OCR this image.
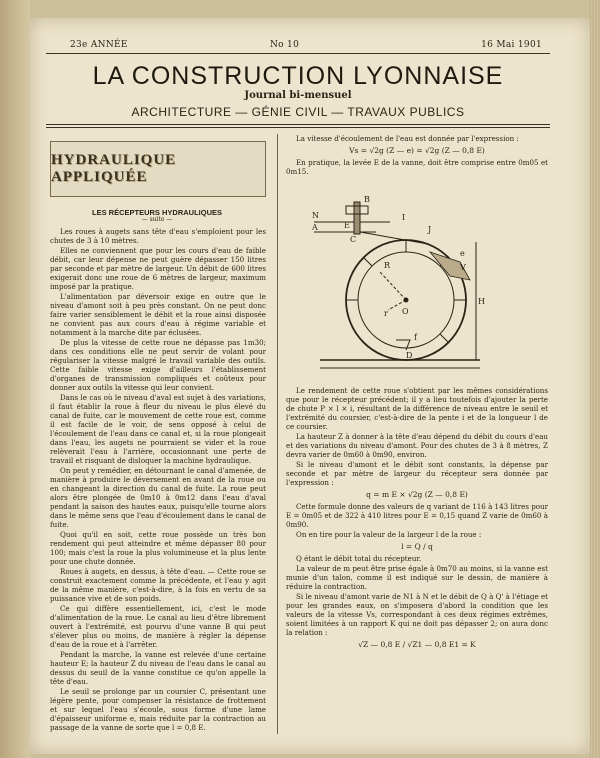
23e ANNÉE	No 10	16 Mai 1901
LA CONSTRUCTION LYONNAISE
Journal bi-mensuel
ARCHITECTURE — GÉNIE CIVIL — TRAVAUX PUBLICS
HYDRAULIQUE APPLIQUÉE
LES RÉCEPTEURS HYDRAULIQUES
— suite —

Les roues à augets sans tête d'eau s'emploient pour les chutes de 3 à 10 mètres.

Elles ne conviennent que pour les cours d'eau de faible débit, car leur dépense ne peut guère dépasser 150 litres par seconde et par mètre de largeur. Un débit de 600 litres exigerait donc une roue de 6 mètres de largeur, maximum imposé par la pratique.

L'alimentation par déversoir exige en outre que le niveau d'amont soit à peu près constant. On ne peut donc faire varier sensiblement le débit et la roue ainsi disposée ne convient pas aux cours d'eau à régime variable et notamment à la marche dite par éclusées.

De plus la vitesse de cette roue ne dépasse pas 1m30; dans ces conditions elle ne peut servir de volant pour régulariser la vitesse malgré le travail variable des outils. Cette faible vitesse exige d'ailleurs l'établissement d'organes de transmission compliqués et coûteux pour donner aux outils la vitesse qui leur convient.

Dans le cas où le niveau d'aval est sujet à des variations, il faut établir la roue à fleur du niveau le plus élevé du canal de fuite, car le mouvement de cette roue est, comme il est facile de le voir, de sens opposé à celui de l'écoulement de l'eau dans ce canal et, si la roue plongeait dans l'eau, les augets ne pourraient se vider et la roue relèverait l'eau à l'arrière, occasionnant une perte de travail et risquant de disloquer la machine hydraulique.

On peut y remédier, en détournant le canal d'amenée, de manière à produire le déversement en avant de la roue ou en changeant la direction du canal de fuite. La roue peut alors être plongée de 0m10 à 0m12 dans l'eau d'aval pendant la saison des hautes eaux, puisqu'elle tourne alors dans le même sens que l'eau d'écoulement dans le canal de fuite.

Quoi qu'il en soit, cette roue possède un très bon rendement qui peut atteindre et même dépasser 80 pour 100; mais c'est la roue la plus volumineuse et la plus lente pour une chute donnée.

Roues à augets, en dessus, à tête d'eau. — Cette roue se construit exactement comme la précédente, et l'eau y agit de la même manière, c'est-à-dire, à la fois en vertu de sa puissance vive et de son poids.

Ce qui diffère essentiellement, ici, c'est le mode d'alimentation de la roue. Le canal au lieu d'être librement ouvert à l'extrémité, est pourvu d'une vanne B qui peut s'élever plus ou moins, de manière à régler la dépense d'eau de la roue et à l'arrêter.

Pendant la marche, la vanne est relevée d'une certaine hauteur E; la hauteur Z du niveau de l'eau dans le canal au dessus du seuil de la vanne constitue ce qu'on appelle la tête d'eau.

Le seuil se prolonge par un coursier C, présentant une légère pente, pour compenser la résistance de frottement et sur lequel l'eau s'écoule, sous forme d'une lame d'épaisseur uniforme e, mais réduite par la contraction au passage de la vanne de sorte que l = 0,8 E.

La vitesse d'écoulement de l'eau est donnée par l'expression :

Vs = √2g (Z — e) = √2g (Z — 0,8 E)

En pratique, la levée E de la vanne, doit être comprise entre 0m05 et 0m15.

N
A
B
E
C
I
J
R
r O
f
e
V
H
D

Le rendement de cette roue s'obtient par les mêmes considérations que pour le récepteur précédent; il y a lieu toutefois d'ajouter la perte de chute P × l × i, résultant de la différence de niveau entre le seuil et l'extrémité du coursier, c'est-à-dire de la pente i et de la longueur l de ce coursier.

La hauteur Z à donner à la tête d'eau dépend du débit du cours d'eau et des variations du niveau d'amont. Pour des chutes de 3 à 8 mètres, Z devra varier de 0m60 à 0m90, environ.

Si le niveau d'amont et le débit sont constants, la dépense par seconde et par mètre de largeur du récepteur sera donnée par l'expression :

q = m E × √2g (Z — 0,8 E)

Cette formule donne des valeurs de q variant de 116 à 143 litres pour E = 0m05 et de 322 à 410 litres pour E = 0,15 quand Z varie de 0m60 à 0m90.

On en tire pour la valeur de la largeur l de la roue :

l = Q / q

Q étant le débit total du récepteur.

La valeur de m peut être prise égale à 0m70 au moins, si la vanne est munie d'un talon, comme il est indiqué sur le dessin, de manière à réduire la contraction.

Si le niveau d'amont varie de N1 à N et le débit de Q à Q' à l'étiage et pour les grandes eaux, on s'imposera d'abord la condition que les valeurs de la vitesse Vs, correspondant à ces deux régimes extrêmes, soient limitées à un rapport K qui ne doit pas dépasser 2; on aura donc la relation :

√Z — 0,8 E / √Z1 — 0,8 E1 = K
